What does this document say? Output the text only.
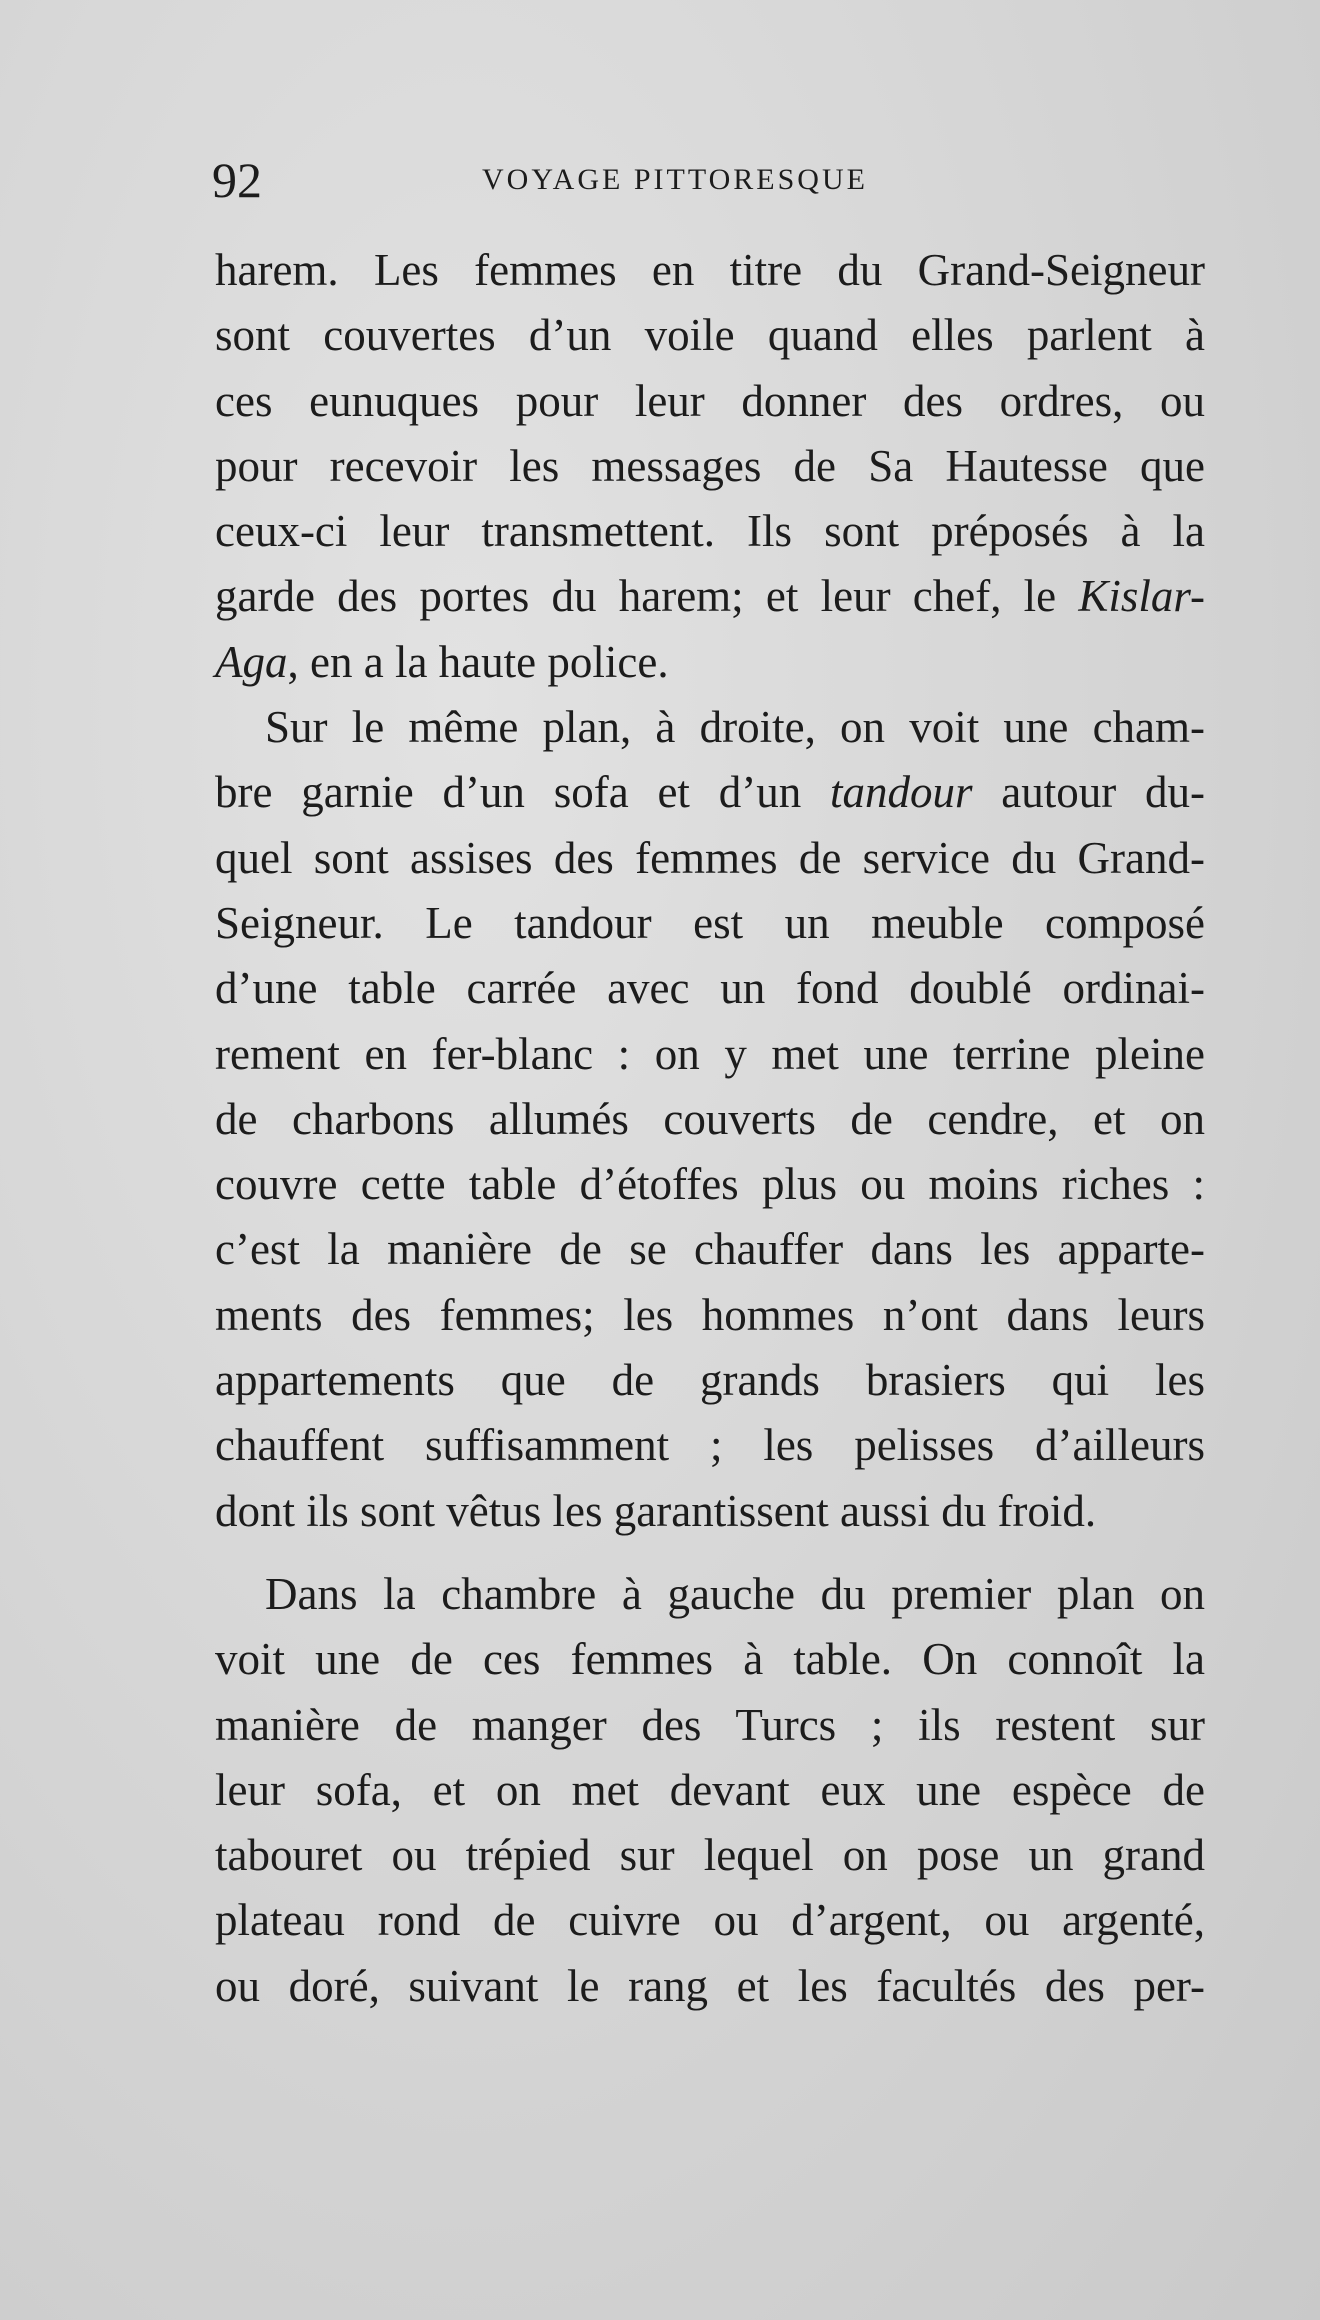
92	VOYAGE PITTORESQUE
harem. Les femmes en titre du Grand-Seigneur
sont couvertes d’un voile quand elles parlent à
ces eunuques pour leur donner des ordres, ou
pour recevoir les messages de Sa Hautesse que
ceux-ci leur transmettent. Ils sont préposés à la
garde des portes du harem; et leur chef, le Kislar-
Aga, en a la haute police.
Sur le même plan, à droite, on voit une cham-
bre garnie d’un sofa et d’un tandour autour du-
quel sont assises des femmes de service du Grand-
Seigneur. Le tandour est un meuble composé
d’une table carrée avec un fond doublé ordinai-
rement en fer-blanc : on y met une terrine pleine
de charbons allumés couverts de cendre, et on
couvre cette table d’étoffes plus ou moins riches :
c’est la manière de se chauffer dans les apparte-
ments des femmes; les hommes n’ont dans leurs
appartements que de grands brasiers qui les
chauffent suffisamment ; les pelisses d’ailleurs
dont ils sont vêtus les garantissent aussi du froid.
Dans la chambre à gauche du premier plan on
voit une de ces femmes à table. On connoît la
manière de manger des Turcs ; ils restent sur
leur sofa, et on met devant eux une espèce de
tabouret ou trépied sur lequel on pose un grand
plateau rond de cuivre ou d’argent, ou argenté,
ou doré, suivant le rang et les facultés des per-
